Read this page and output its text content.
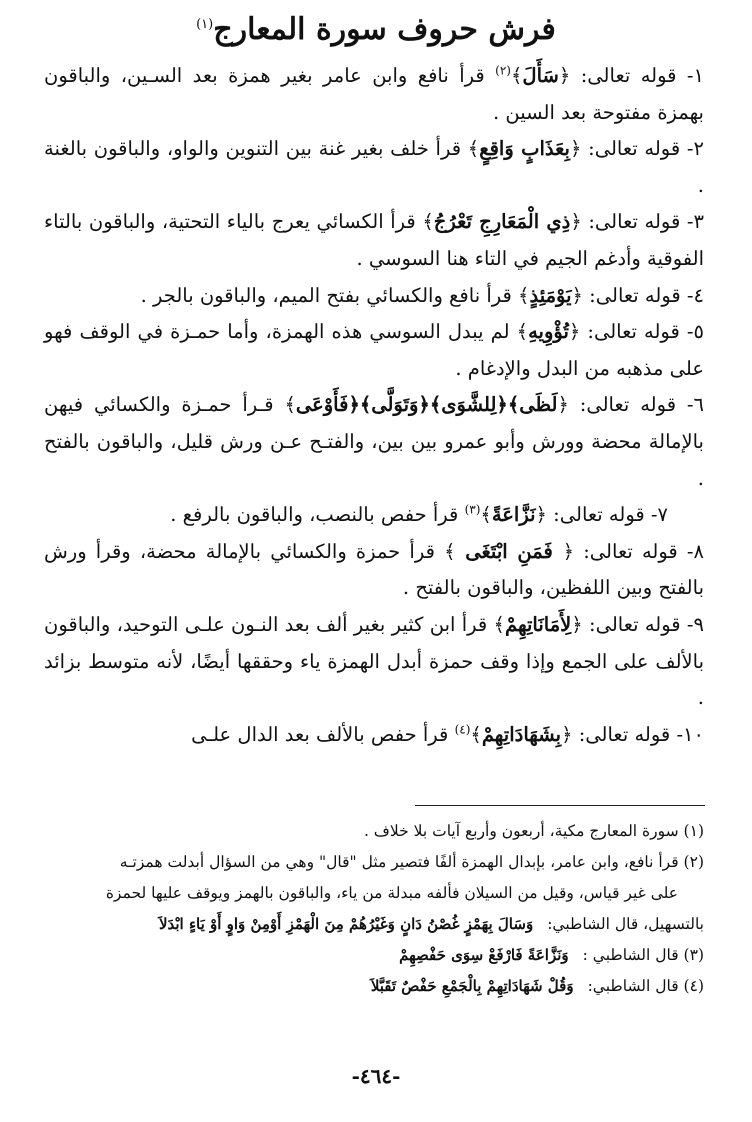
فرش حروف سورة المعارج$^{(١)}$

١- قوله تعالى: ﴿ سَأَلَ ﴾$^{(٢)}$ قرأ نافع وابن عامر بغير همزة بعد السـين، والباقون بهمزة مفتوحة بعد السين .

٢- قوله تعالى: ﴿ بِعَذَابٍ وَاقِعٍ ﴾ قرأ خلف بغير غنة بين التنوين والواو، والباقون بالغنة .

٣- قوله تعالى: ﴿ ذِي الْمَعَارِجِ تَعْرُجُ ﴾ قرأ الكسائي يعرج بالياء التحتية، والباقون بالتاء الفوقية وأدغم الجيم في التاء هنا السوسي .

٤- قوله تعالى: ﴿ يَوْمَئِذٍ ﴾ قرأ نافع والكسائي بفتح الميم، والباقون بالجر .

٥- قوله تعالى: ﴿ تُؤْوِيهِ ﴾ لم يبدل السوسي هذه الهمزة، وأما حمـزة في الوقف فهو على مذهبه من البدل والإدغام .

٦- قوله تعالى: ﴿ لَظَى﴾﴿لِلشَّوَى﴾﴿وَتَوَلَّى﴾﴿فَأَوْعَى ﴾ قـرأ حمـزة والكسائي فيهن بالإمالة محضة وورش وأبو عمرو بين بين، والفتـح عـن ورش قليل، والباقون بالفتح .

٧- قوله تعالى: ﴿ نَزَّاعَةً ﴾$^{(٣)}$ قرأ حفص بالنصب، والباقون بالرفع .

٨- قوله تعالى: ﴿ فَمَنِ ابْتَغَى ﴾ قرأ حمزة والكسائي بالإمالة محضة، وقرأ ورش بالفتح وبين اللفظين، والباقون بالفتح .

٩- قوله تعالى: ﴿ لِأَمَانَاتِهِمْ ﴾ قرأ ابن كثير بغير ألف بعد النـون علـى التوحيد، والباقون بالألف على الجمع وإذا وقف حمزة أبدل الهمزة ياء وحققها أيضًا، لأنه متوسط بزائد .

١٠- قوله تعالى: ﴿ بِشَهَادَاتِهِمْ ﴾$^{(٤)}$ قرأ حفص بالألف بعد الدال علـى

(١) سورة المعارج مكية، أربعون وأربع آيات بلا خلاف .

(٢) قرأ نافع، وابن عامر، بإبدال الهمزة ألفًا فتصير مثل "قال" وهي من السؤال أبدلت همزتـه

على غير قياس، وقيل من السيلان فألفه مبدلة من ياء، والباقون بالهمز ويوقف عليها لحمزة

بالتسهيل، قال الشاطبي:وَسَالَ بِهَمْزٍ غُصْنُ دَانٍ وَغَيْرُهُمْ مِنَ الْهَمْزِ أَوْمِنْ وَاوٍ أَوْ يَاءٍ ابْدَلاَ

(٣) قال الشاطبي :وَنَزَّاعَةً فَارْفَعْ سِوَى حَفْصِهِمْ

(٤) قال الشاطبي:وَقُلْ شَهَادَاتِهِمْ بِالْجَمْعِ حَفْصٌ تَقَبَّلاَ

-٤٦٤-
